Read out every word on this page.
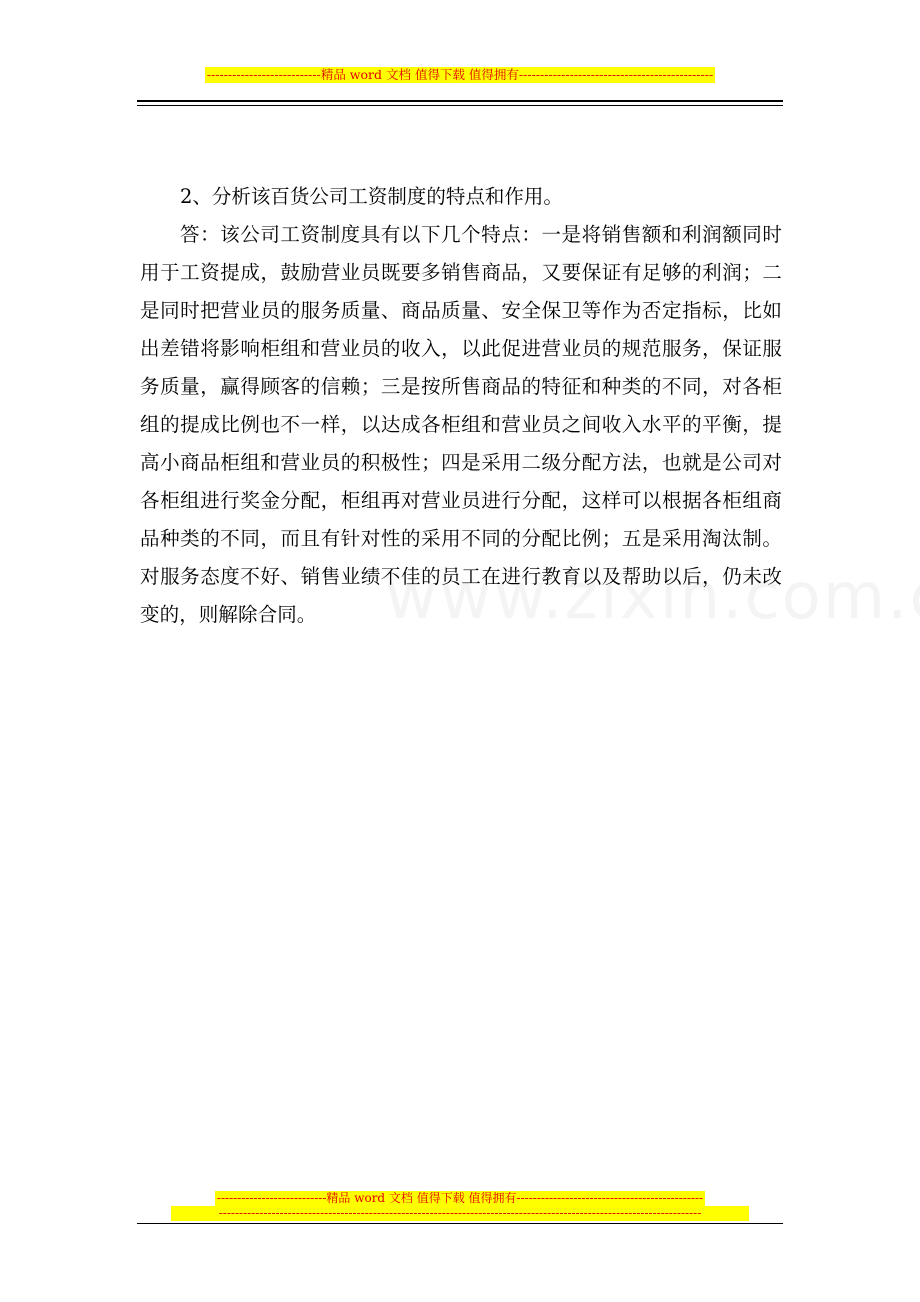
---------------------------精品 word 文档 值得下载 值得拥有----------------------------------------------

2、分析该百货公司工资制度的特点和作用。

答：该公司工资制度具有以下几个特点：一是将销售额和利润额同时用于工资提成，鼓励营业员既要多销售商品，又要保证有足够的利润；二是同时把营业员的服务质量、商品质量、安全保卫等作为否定指标，比如出差错将影响柜组和营业员的收入，以此促进营业员的规范服务，保证服务质量，赢得顾客的信赖；三是按所售商品的特征和种类的不同，对各柜组的提成比例也不一样，以达成各柜组和营业员之间收入水平的平衡，提高小商品柜组和营业员的积极性；四是采用二级分配方法，也就是公司对各柜组进行奖金分配，柜组再对营业员进行分配，这样可以根据各柜组商品种类的不同，而且有针对性的采用不同的分配比例；五是采用淘汰制。对服务态度不好、销售业绩不佳的员工在进行教育以及帮助以后，仍未改变的，则解除合同。

---------------------------精品 word 文档 值得下载 值得拥有----------------------------------------------
-----------------------------------------------------------------------------------------------------------------------
